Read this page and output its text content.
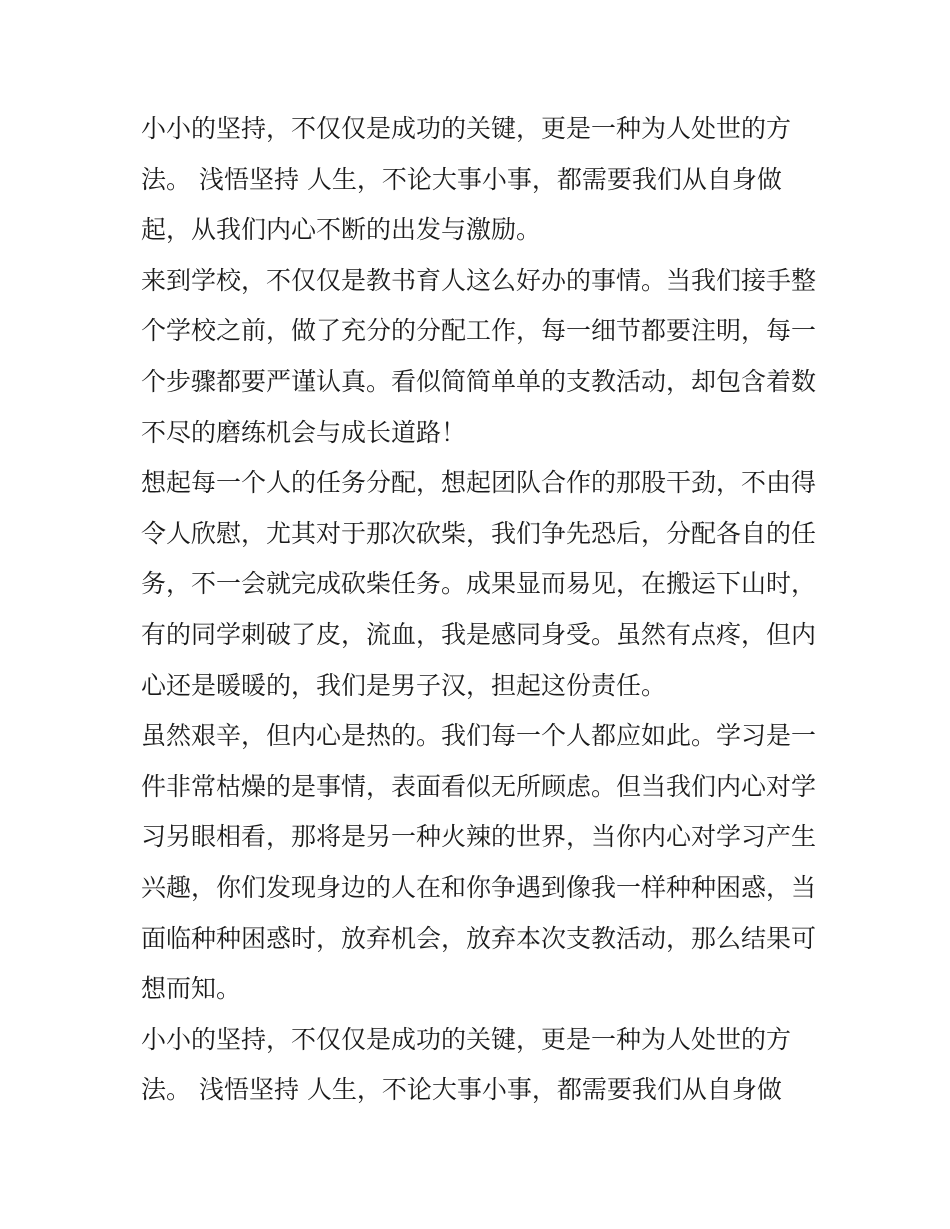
小小的坚持，不仅仅是成功的关键，更是一种为人处世的方
法。 浅悟坚持 人生，不论大事小事，都需要我们从自身做
起，从我们内心不断的出发与激励。
来到学校，不仅仅是教书育人这么好办的事情。当我们接手整
个学校之前，做了充分的分配工作，每一细节都要注明，每一
个步骤都要严谨认真。看似简简单单的支教活动，却包含着数
不尽的磨练机会与成长道路！
想起每一个人的任务分配，想起团队合作的那股干劲，不由得
令人欣慰，尤其对于那次砍柴，我们争先恐后，分配各自的任
务，不一会就完成砍柴任务。成果显而易见，在搬运下山时，
有的同学刺破了皮，流血，我是感同身受。虽然有点疼，但内
心还是暖暖的，我们是男子汉，担起这份责任。
虽然艰辛，但内心是热的。我们每一个人都应如此。学习是一
件非常枯燥的是事情，表面看似无所顾虑。但当我们内心对学
习另眼相看，那将是另一种火辣的世界，当你内心对学习产生
兴趣，你们发现身边的人在和你争遇到像我一样种种困惑，当
面临种种困惑时，放弃机会，放弃本次支教活动，那么结果可
想而知。
小小的坚持，不仅仅是成功的关键，更是一种为人处世的方
法。 浅悟坚持 人生，不论大事小事，都需要我们从自身做
